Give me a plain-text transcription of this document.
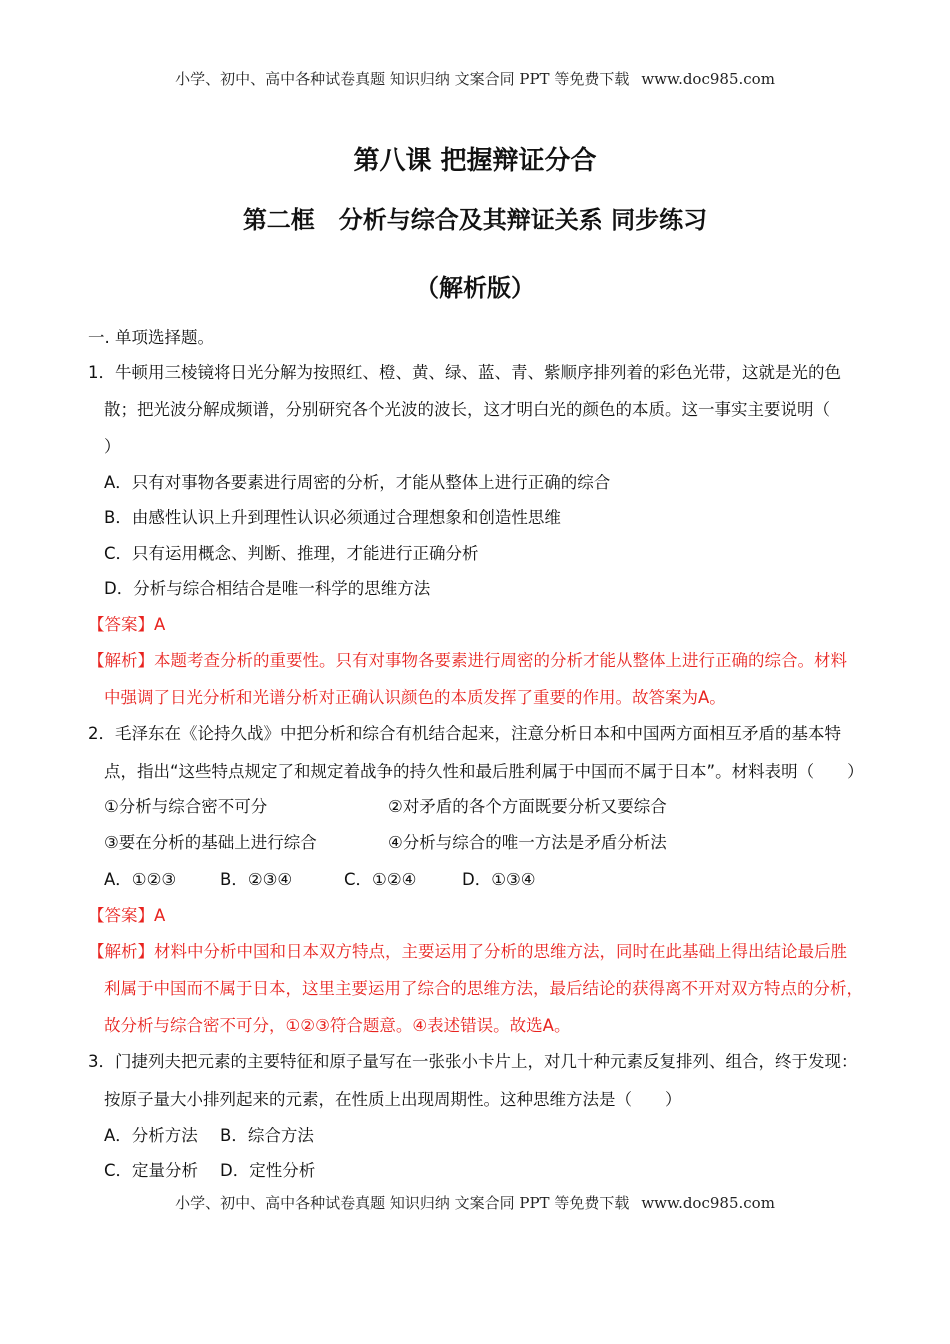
小学、初中、高中各种试卷真题 知识归纳 文案合同 PPT 等免费下载 www.doc985.com
第八课 把握辩证分合
第二框　分析与综合及其辩证关系 同步练习
（解析版）
一. 单项选择题。
1．牛顿用三棱镜将日光分解为按照红、橙、黄、绿、蓝、青、紫顺序排列着的彩色光带，这就是光的色
散；把光波分解成频谱，分别研究各个光波的波长，这才明白光的颜色的本质。这一事实主要说明（
）
A．只有对事物各要素进行周密的分析，才能从整体上进行正确的综合
B．由感性认识上升到理性认识必须通过合理想象和创造性思维
C．只有运用概念、判断、推理，才能进行正确分析
D．分析与综合相结合是唯一科学的思维方法
【答案】A
【解析】本题考查分析的重要性。只有对事物各要素进行周密的分析才能从整体上进行正确的综合。材料
中强调了日光分析和光谱分析对正确认识颜色的本质发挥了重要的作用。故答案为A。
2．毛泽东在《论持久战》中把分析和综合有机结合起来，注意分析日本和中国两方面相互矛盾的基本特
点，指出“这些特点规定了和规定着战争的持久性和最后胜利属于中国而不属于日本”。材料表明（　　）
①分析与综合密不可分	②对矛盾的各个方面既要分析又要综合
③要在分析的基础上进行综合	④分析与综合的唯一方法是矛盾分析法
A．①②③	B．②③④	C．①②④	D．①③④
【答案】A
【解析】材料中分析中国和日本双方特点，主要运用了分析的思维方法，同时在此基础上得出结论最后胜
利属于中国而不属于日本，这里主要运用了综合的思维方法，最后结论的获得离不开对双方特点的分析，
故分析与综合密不可分，①②③符合题意。④表述错误。故选A。
3．门捷列夫把元素的主要特征和原子量写在一张张小卡片上，对几十种元素反复排列、组合，终于发现：
按原子量大小排列起来的元素，在性质上出现周期性。这种思维方法是（　　）
A．分析方法 B．综合方法
C．定量分析 D．定性分析
小学、初中、高中各种试卷真题 知识归纳 文案合同 PPT 等免费下载 www.doc985.com
